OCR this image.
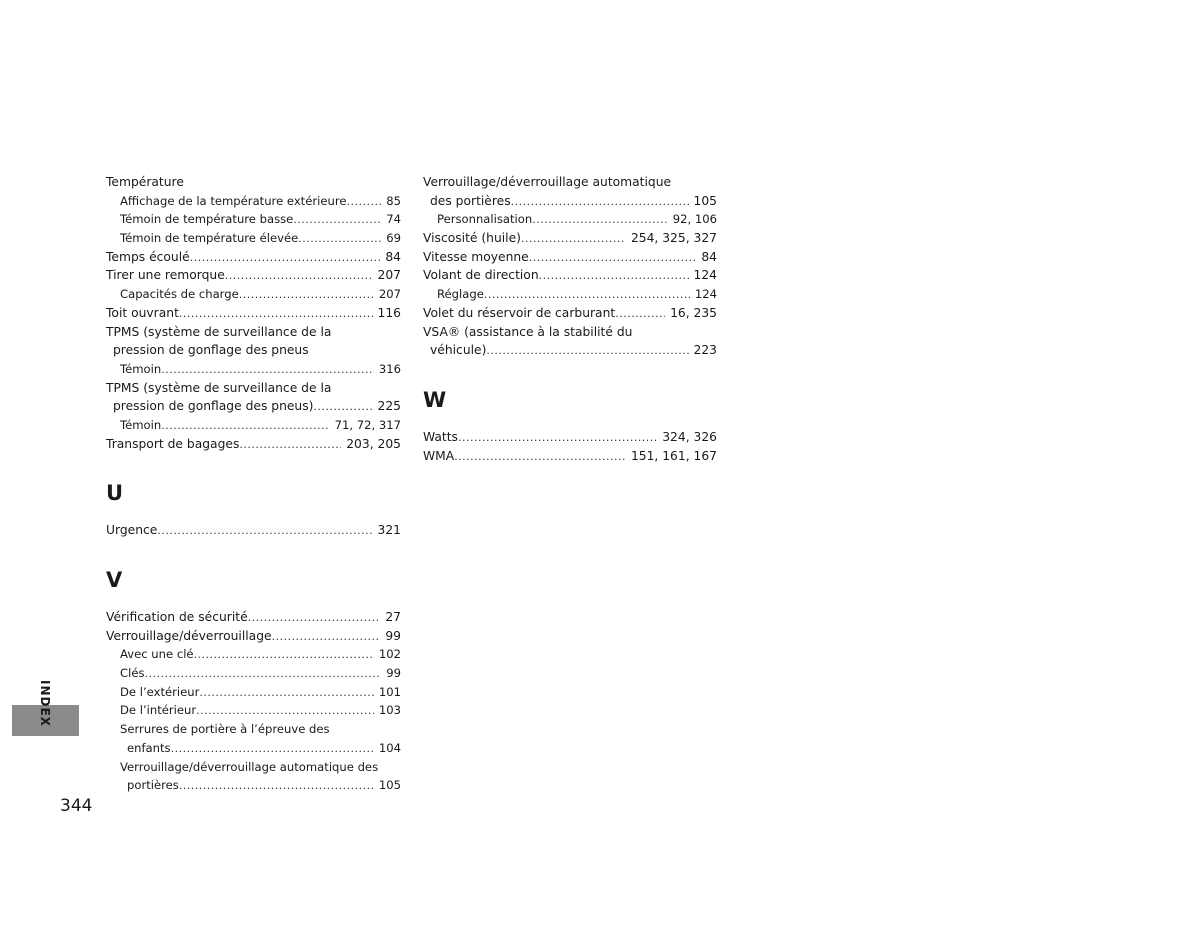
Température
Affichage de la température extérieure .....	85
Témoin de température basse .....	74
Témoin de température élevée .....	69
Temps écoulé .....	84
Tirer une remorque .....	207
Capacités de charge .....	207
Toit ouvrant .....	116
TPMS (système de surveillance de la
pression de gonflage des pneus
Témoin .....	316
TPMS (système de surveillance de la
pression de gonflage des pneus) .....	225
Témoin .....	71, 72, 317
Transport de bagages .....	203, 205
U
Urgence .....	321
V
Vérification de sécurité .....	27
Verrouillage/déverrouillage .....	99
Avec une clé .....	102
Clés .....	99
De l’extérieur .....	101
De l’intérieur .....	103
Serrures de portière à l’épreuve des
enfants .....	104
Verrouillage/déverrouillage automatique des
portières .....	105
Verrouillage/déverrouillage automatique
des portières .....	105
Personnalisation .....	92, 106
Viscosité (huile) .....	254, 325, 327
Vitesse moyenne .....	84
Volant de direction .....	124
Réglage .....	124
Volet du réservoir de carburant .....	16, 235
VSA® (assistance à la stabilité du
véhicule) .....	223
W
Watts .....	324, 326
WMA .....	151, 161, 167
INDEX
344
